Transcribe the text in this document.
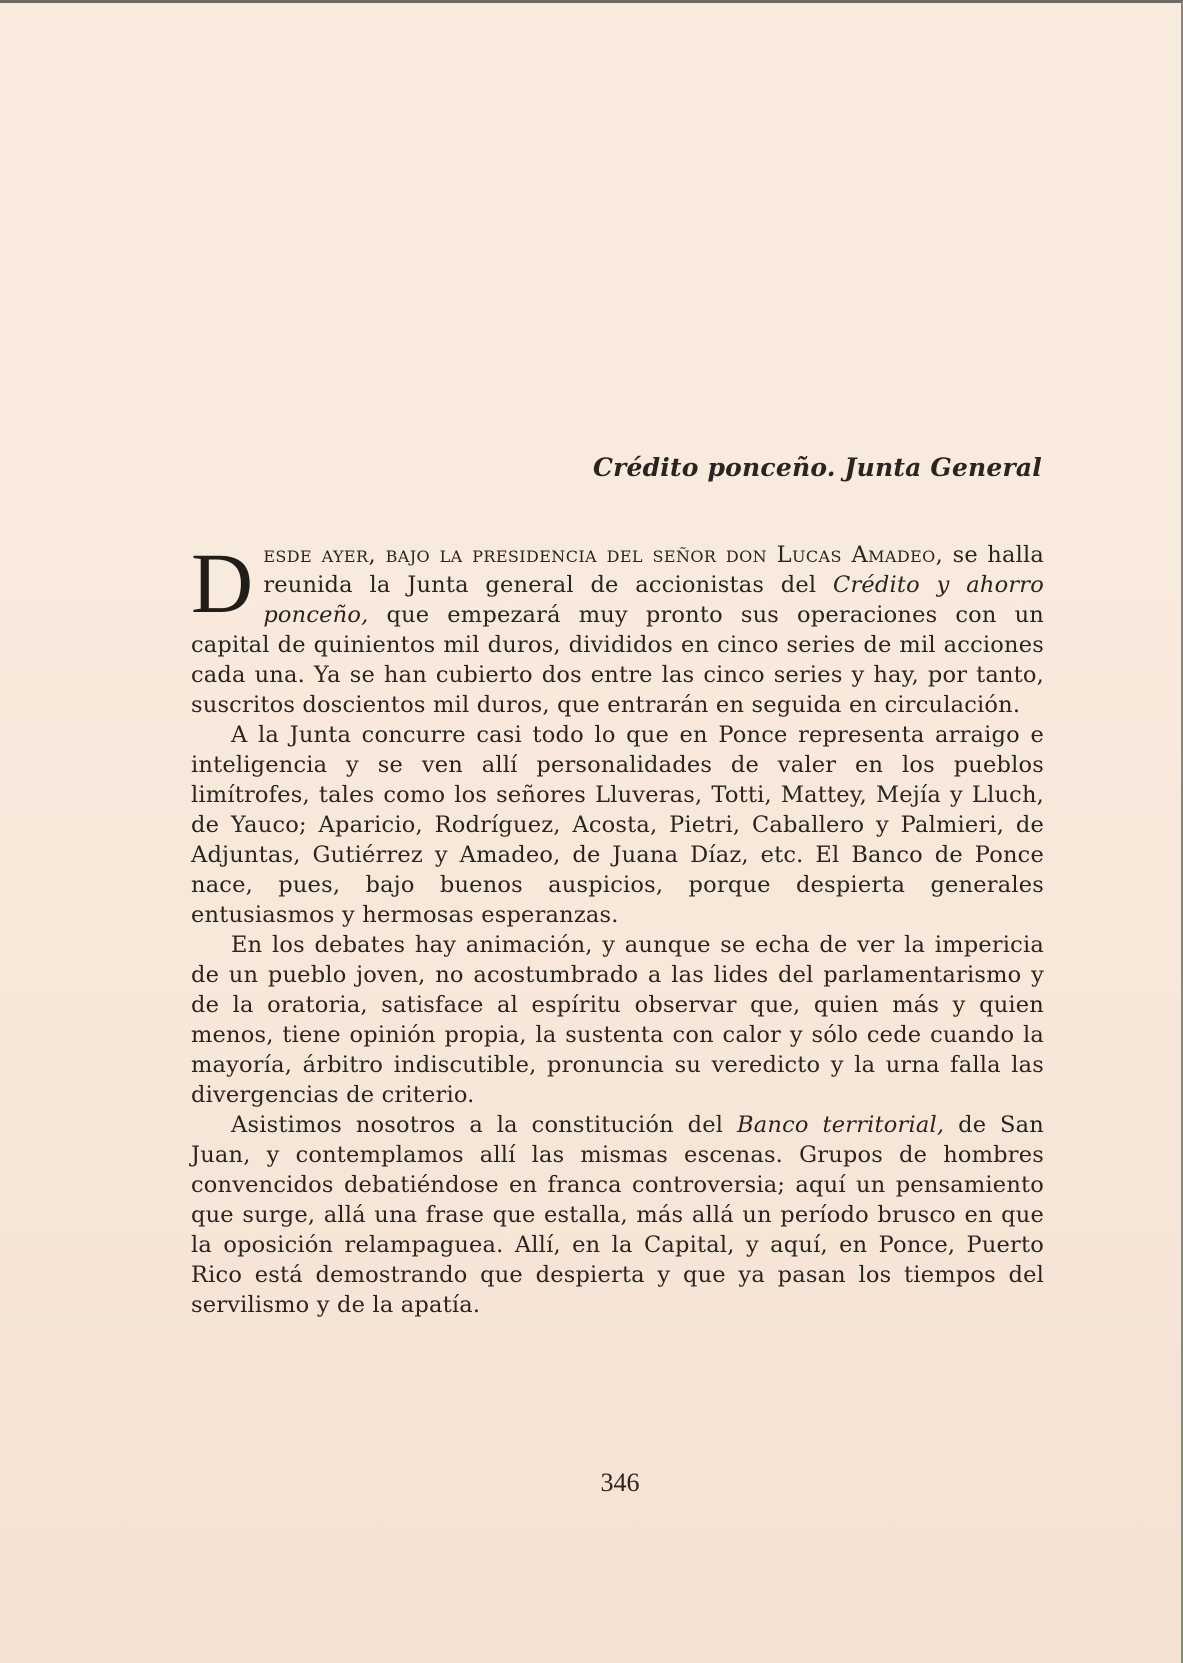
Crédito ponceño. Junta General

Desde ayer, bajo la presidencia del señor don Lucas Amadeo, se halla reunida la Junta general de accionistas del Crédito y ahorro ponceño, que empezará muy pronto sus operaciones con un capital de quinientos mil duros, divididos en cinco series de mil acciones cada una. Ya se han cubierto dos entre las cinco series y hay, por tanto, suscritos doscientos mil duros, que entrarán en seguida en circulación.

A la Junta concurre casi todo lo que en Ponce representa arraigo e inteligencia y se ven allí personalidades de valer en los pueblos limítrofes, tales como los señores Lluveras, Totti, Mattey, Mejía y Lluch, de Yauco; Aparicio, Rodríguez, Acosta, Pietri, Caballero y Palmieri, de Adjuntas, Gutiérrez y Amadeo, de Juana Díaz, etc. El Banco de Ponce nace, pues, bajo buenos auspicios, porque despierta generales entusiasmos y hermosas esperanzas.

En los debates hay animación, y aunque se echa de ver la impericia de un pueblo joven, no acostumbrado a las lides del parlamentarismo y de la oratoria, satisface al espíritu observar que, quien más y quien menos, tiene opinión propia, la sustenta con calor y sólo cede cuando la mayoría, árbitro indiscutible, pronuncia su veredicto y la urna falla las divergencias de criterio.

Asistimos nosotros a la constitución del Banco territorial, de San Juan, y contemplamos allí las mismas escenas. Grupos de hombres convencidos debatiéndose en franca controversia; aquí un pensamiento que surge, allá una frase que estalla, más allá un período brusco en que la oposición relampaguea. Allí, en la Capital, y aquí, en Ponce, Puerto Rico está demostrando que despierta y que ya pasan los tiempos del servilismo y de la apatía.

346
